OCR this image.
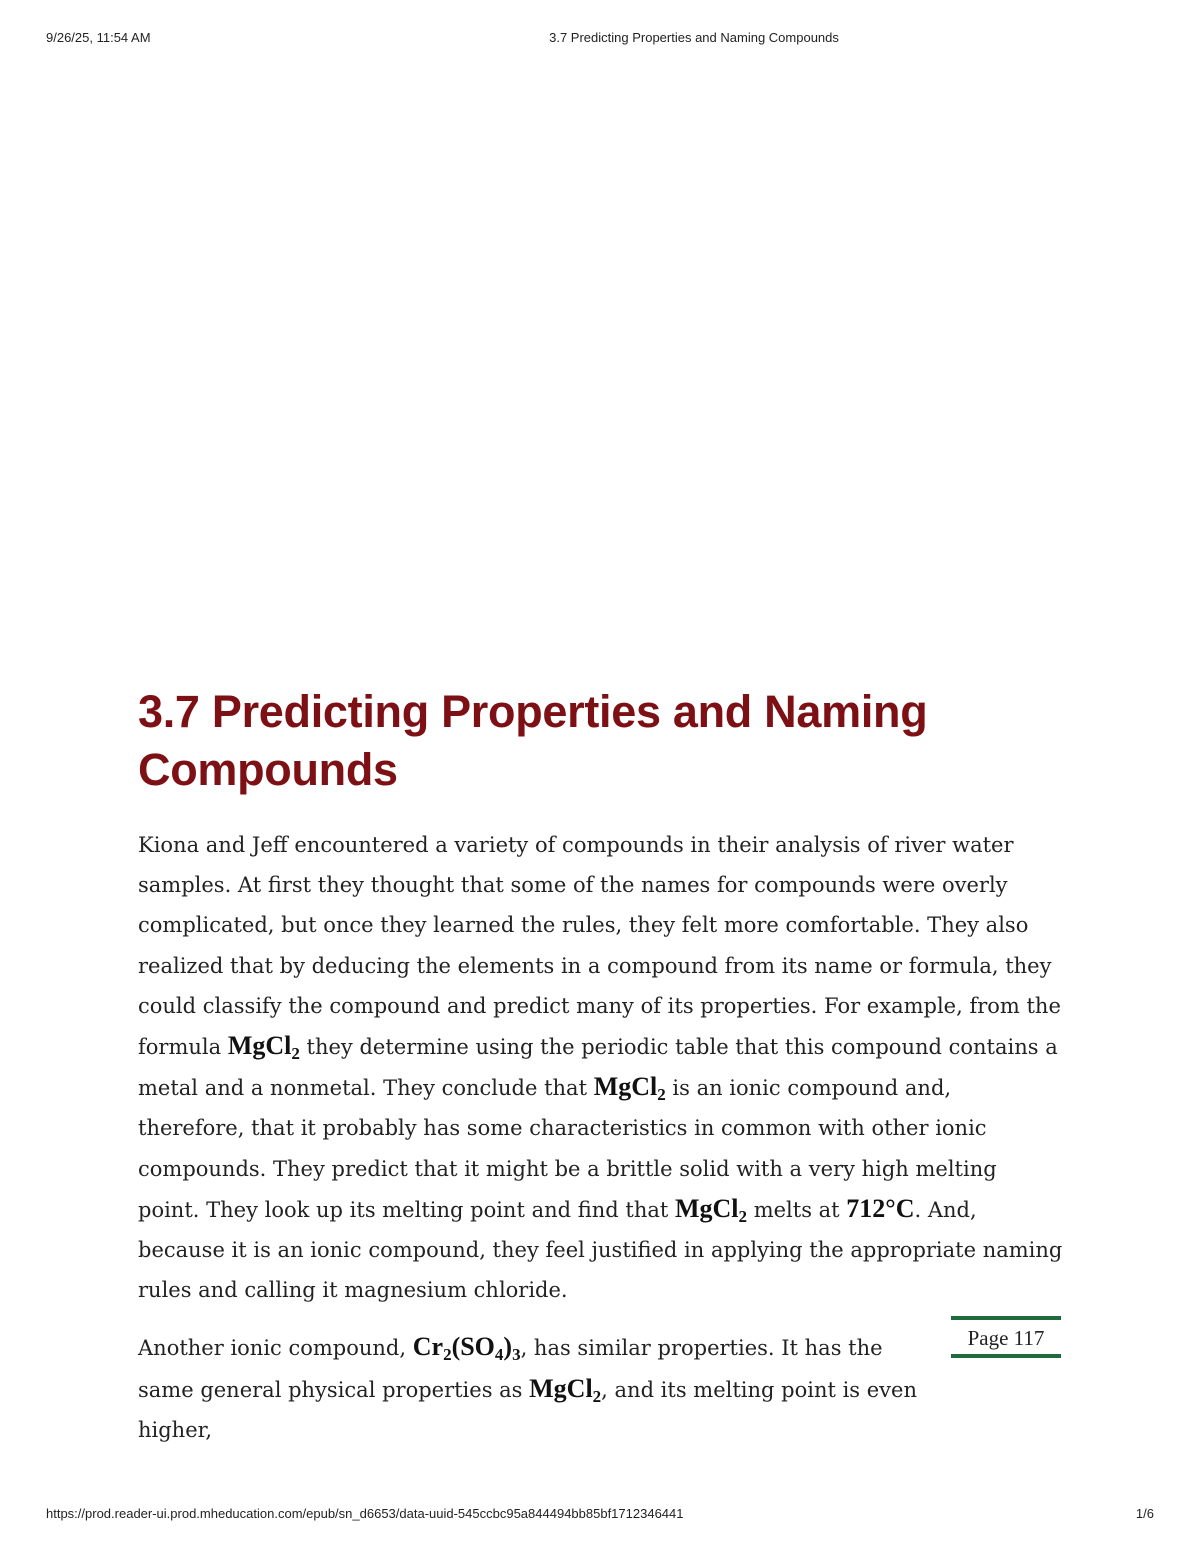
9/26/25, 11:54 AM	3.7 Predicting Properties and Naming Compounds
3.7 Predicting Properties and Naming Compounds

Kiona and Jeff encountered a variety of compounds in their analysis of river water samples. At first they thought that some of the names for compounds were overly complicated, but once they learned the rules, they felt more comfortable. They also realized that by deducing the elements in a compound from its name or formula, they could classify the compound and predict many of its properties. For example, from the formula MgCl$_2$ they determine using the periodic table that this compound contains a metal and a nonmetal. They conclude that MgCl$_2$ is an ionic compound and, therefore, that it probably has some characteristics in common with other ionic compounds. They predict that it might be a brittle solid with a very high melting point. They look up its melting point and find that MgCl$_2$ melts at 712°C. And, because it is an ionic compound, they feel justified in applying the appropriate naming rules and calling it magnesium chloride.

Another ionic compound, $Cr_2(SO_4)_3$, has similar properties. It has the same general physical properties as MgCl$_2$, and its melting point is even higher,

Page 117
https://prod.reader-ui.prod.mheducation.com/epub/sn_d6653/data-uuid-545ccbc95a844494bb85bf1712346441	1/6
